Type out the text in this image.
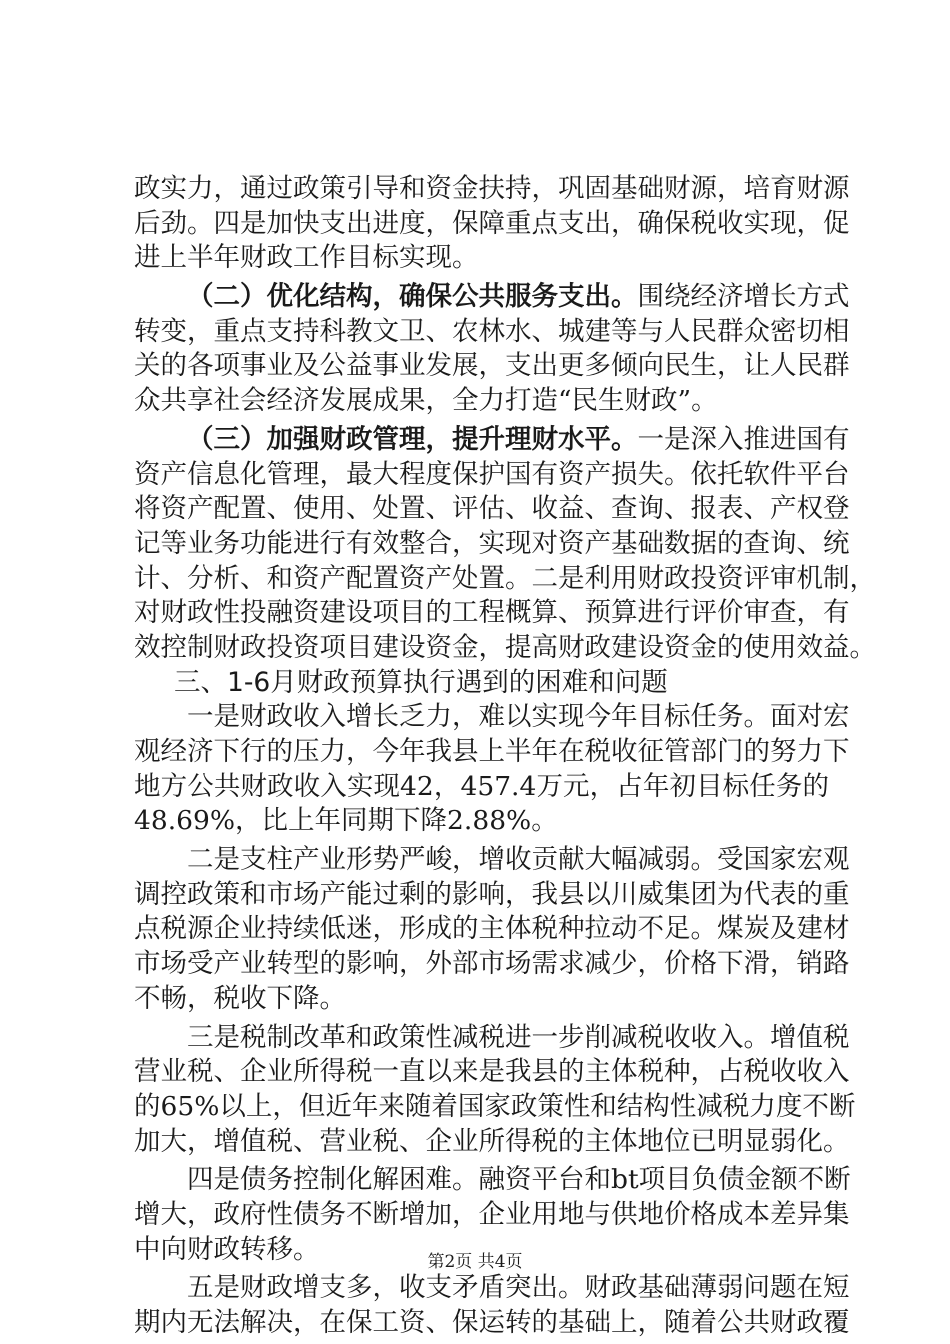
政实力，通过政策引导和资金扶持，巩固基础财源，培育财源
后劲。四是加快支出进度，保障重点支出，确保税收实现，促
进上半年财政工作目标实现。
（二）优化结构，确保公共服务支出。围绕经济增长方式
转变，重点支持科教文卫、农林水、城建等与人民群众密切相
关的各项事业及公益事业发展，支出更多倾向民生，让人民群
众共享社会经济发展成果，全力打造“民生财政”。
（三）加强财政管理，提升理财水平。一是深入推进国有
资产信息化管理，最大程度保护国有资产损失。依托软件平台
将资产配置、使用、处置、评估、收益、查询、报表、产权登
记等业务功能进行有效整合，实现对资产基础数据的查询、统
计、分析、和资产配置资产处置。二是利用财政投资评审机制，
对财政性投融资建设项目的工程概算、预算进行评价审查，有
效控制财政投资项目建设资金，提高财政建设资金的使用效益。
三、1-6月财政预算执行遇到的困难和问题
一是财政收入增长乏力，难以实现今年目标任务。面对宏
观经济下行的压力，今年我县上半年在税收征管部门的努力下
地方公共财政收入实现42，457.4万元，占年初目标任务的
48.69%，比上年同期下降2.88%。
二是支柱产业形势严峻，增收贡献大幅减弱。受国家宏观
调控政策和市场产能过剩的影响，我县以川威集团为代表的重
点税源企业持续低迷，形成的主体税种拉动不足。煤炭及建材
市场受产业转型的影响，外部市场需求减少，价格下滑，销路
不畅，税收下降。
三是税制改革和政策性减税进一步削减税收收入。增值税
营业税、企业所得税一直以来是我县的主体税种，占税收收入
的65%以上，但近年来随着国家政策性和结构性减税力度不断
加大，增值税、营业税、企业所得税的主体地位已明显弱化。
四是债务控制化解困难。融资平台和bt项目负债金额不断
增大，政府性债务不断增加，企业用地与供地价格成本差异集
中向财政转移。
五是财政增支多，收支矛盾突出。财政基础薄弱问题在短
期内无法解决，在保工资、保运转的基础上，随着公共财政覆
第2页 共4页
